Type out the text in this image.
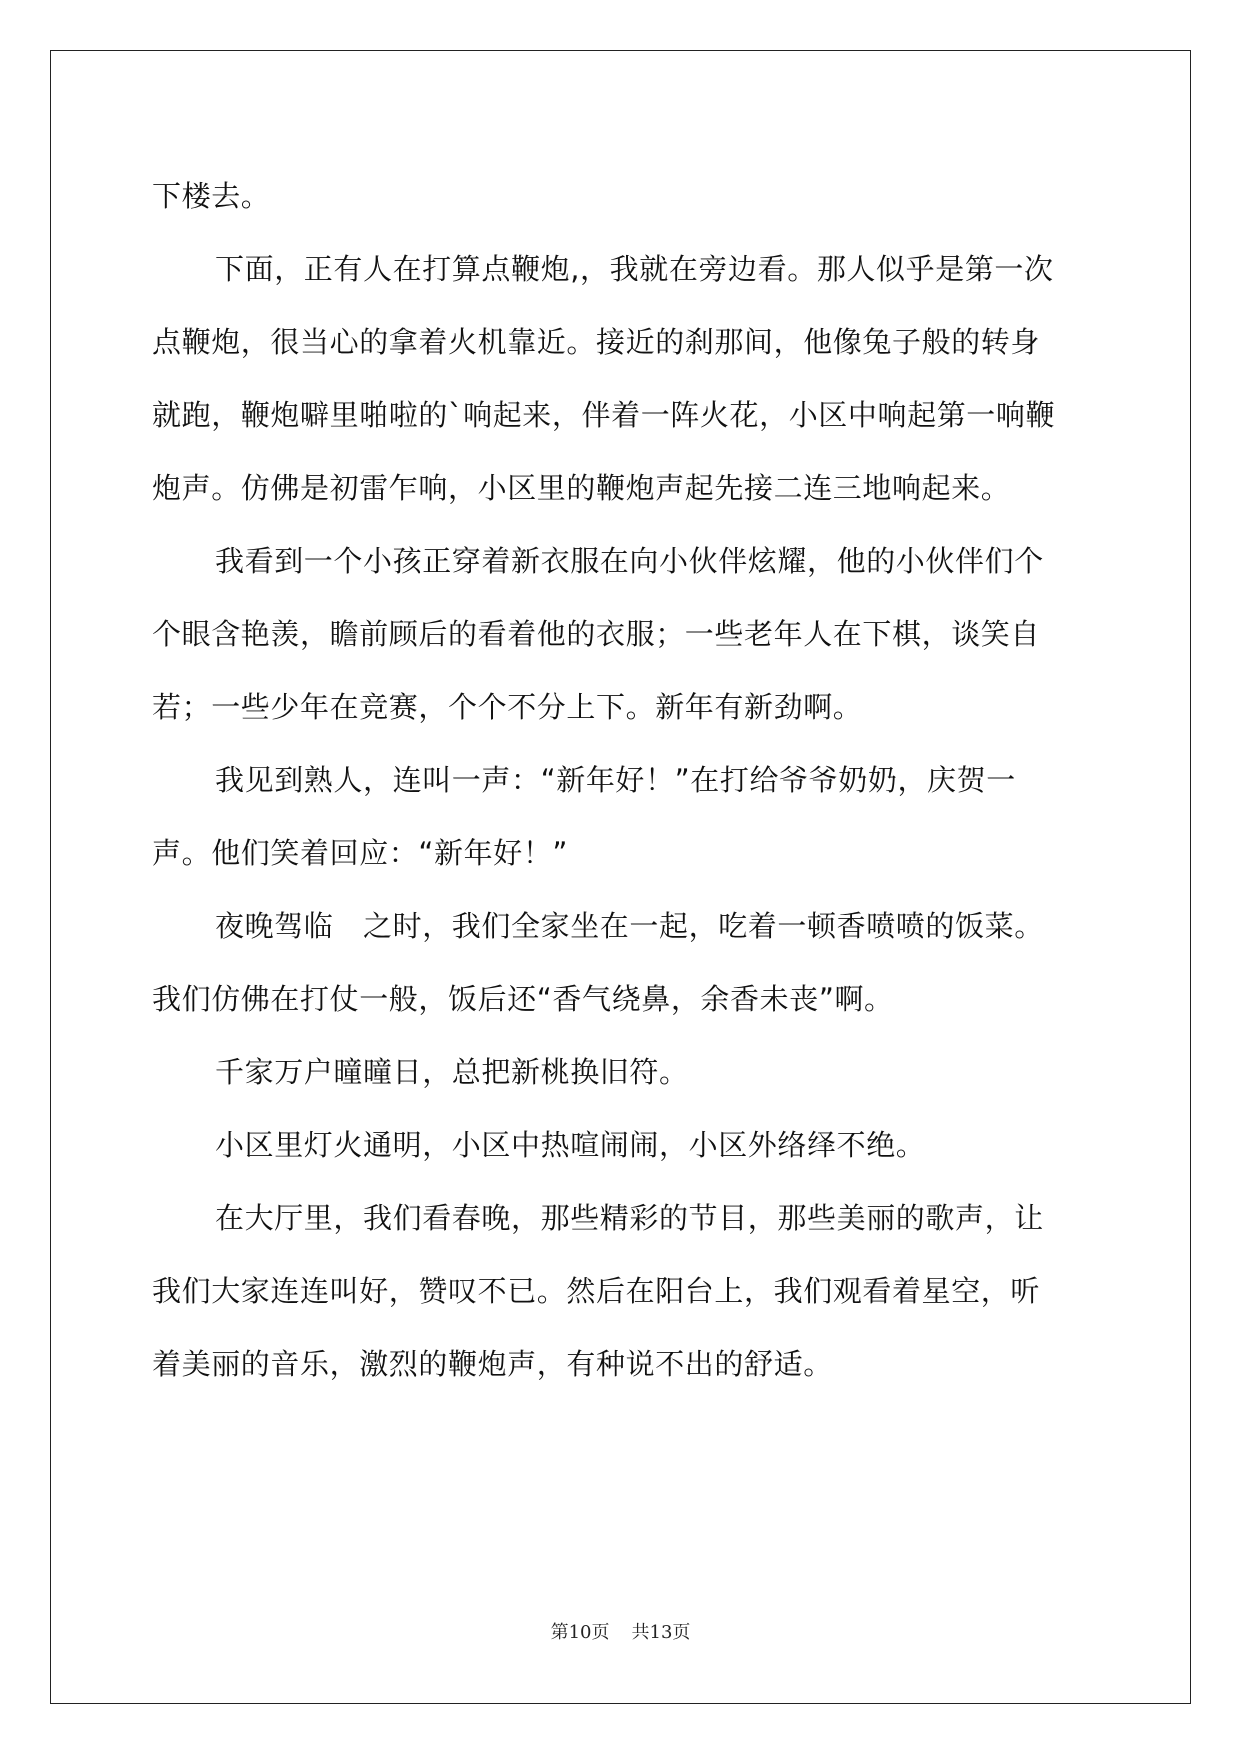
下楼去。
下面，正有人在打算点鞭炮,，我就在旁边看。那人似乎是第一次
点鞭炮，很当心的拿着火机靠近。接近的刹那间，他像兔子般的转身
就跑，鞭炮噼里啪啦的`响起来，伴着一阵火花，小区中响起第一响鞭
炮声。仿佛是初雷乍响，小区里的鞭炮声起先接二连三地响起来。
我看到一个小孩正穿着新衣服在向小伙伴炫耀，他的小伙伴们个
个眼含艳羡，瞻前顾后的看着他的衣服；一些老年人在下棋，谈笑自
若；一些少年在竞赛，个个不分上下。新年有新劲啊。
我见到熟人，连叫一声：“新年好！”在打给爷爷奶奶，庆贺一
声。他们笑着回应：“新年好！”
夜晚驾临　之时，我们全家坐在一起，吃着一顿香喷喷的饭菜。
我们仿佛在打仗一般，饭后还“香气绕鼻，余香未丧”啊。
千家万户曈曈日，总把新桃换旧符。
小区里灯火通明，小区中热喧闹闹，小区外络绎不绝。
在大厅里，我们看春晚，那些精彩的节目，那些美丽的歌声，让
我们大家连连叫好，赞叹不已。然后在阳台上，我们观看着星空，听
着美丽的音乐，激烈的鞭炮声，有种说不出的舒适。
第10页 共13页
